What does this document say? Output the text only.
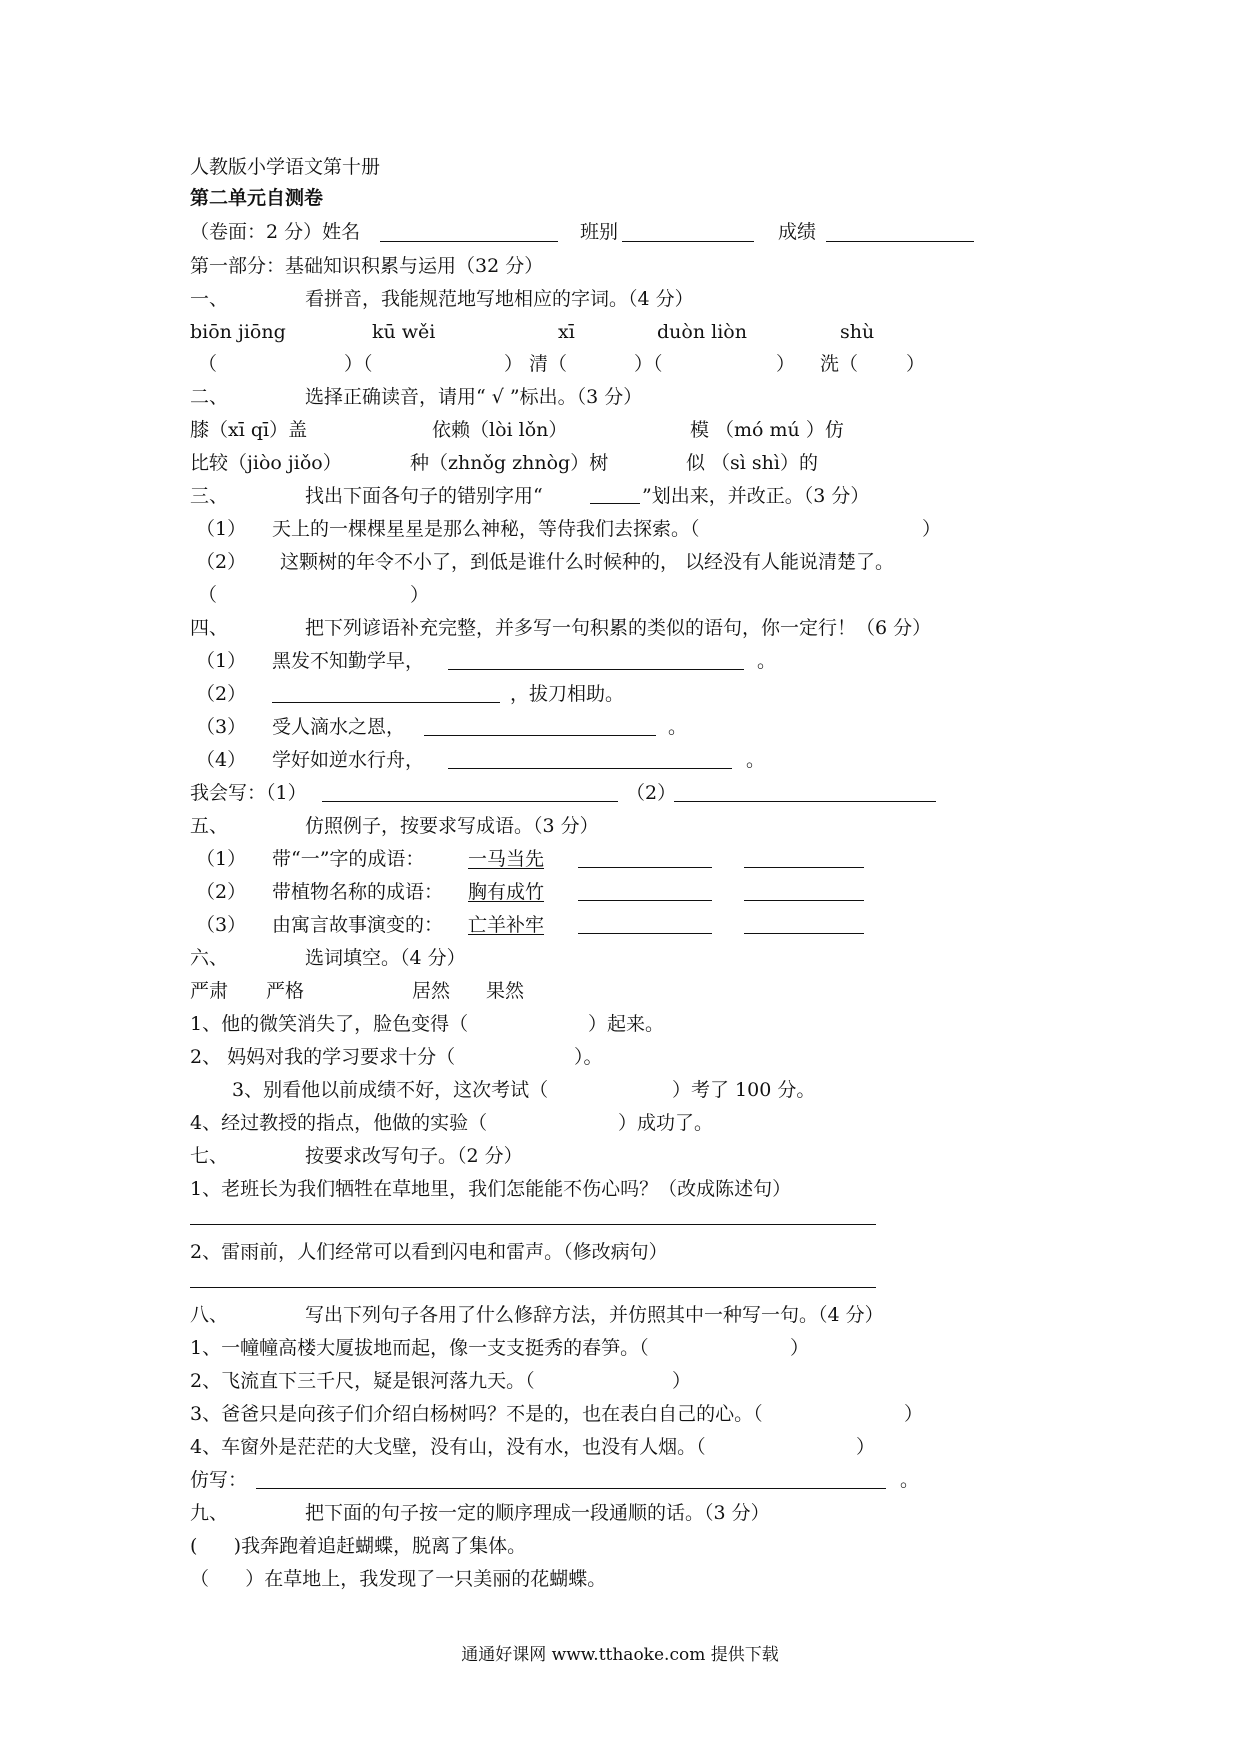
人教版小学语文第十册
第二单元自测卷
（卷面：2 分）姓名	班别	成绩
第一部分：基础知识积累与运用（32 分）
一、	看拼音，我能规范地写地相应的字词。（4 分）
biōn jiōng	kū wěi	xī	duòn liòn	shù
（	）（	） 清（	）（	） 洗（	）
二、	选择正确读音，请用“ √ ”标出。（3 分）
膝（xī qī）盖	依赖（lòi lǒn）	模 （mó mú ）仿
比较（jiòo jiǒo）	种（zhnǒg zhnòg）树	似 （sì shì）的
三、	找出下面各句子的错别字用“	”划出来，并改正。（3 分）
（1） 天上的一棵棵星星是那么神秘，等侍我们去探索。（	）
（2） 这颗树的年令不小了，到低是谁什么时候种的， 以经没有人能说清楚了。
（	）
四、	把下列谚语补充完整，并多写一句积累的类似的语句，你一定行！（6 分）
（1） 黑发不知勤学早，	。
（2）	，拔刀相助。
（3） 受人滴水之恩，	。
（4） 学好如逆水行舟，	。
我会写：（1）	（2）
五、	仿照例子，按要求写成语。（3 分）
（1） 带“一”字的成语： 一马当先
（2） 带植物名称的成语： 胸有成竹
（3） 由寓言故事演变的： 亡羊补牢
六、	选词填空。（4 分）
严肃 严格	居然 果然
1、他的微笑消失了，脸色变得（	）起来。
2、 妈妈对我的学习要求十分（	）。
3、别看他以前成绩不好，这次考试（	）考了 100 分。
4、经过教授的指点，他做的实验（	）成功了。
七、	按要求改写句子。（2 分）
1、老班长为我们牺牲在草地里，我们怎能能不伤心吗？（改成陈述句）
2、雷雨前，人们经常可以看到闪电和雷声。（修改病句）
八、	写出下列句子各用了什么修辞方法，并仿照其中一种写一句。（4 分）
1、一幢幢高楼大厦拔地而起，像一支支挺秀的春笋。（	）
2、飞流直下三千尺，疑是银河落九天。（	）
3、爸爸只是向孩子们介绍白杨树吗？不是的，也在表白自己的心。（	）
4、车窗外是茫茫的大戈壁，没有山，没有水，也没有人烟。（	）
仿写：	。
九、	把下面的句子按一定的顺序理成一段通顺的话。（3 分）
(      )我奔跑着追赶蝴蝶，脱离了集体。
（      ）在草地上，我发现了一只美丽的花蝴蝶。
通通好课网 www.tthaoke.com 提供下载
